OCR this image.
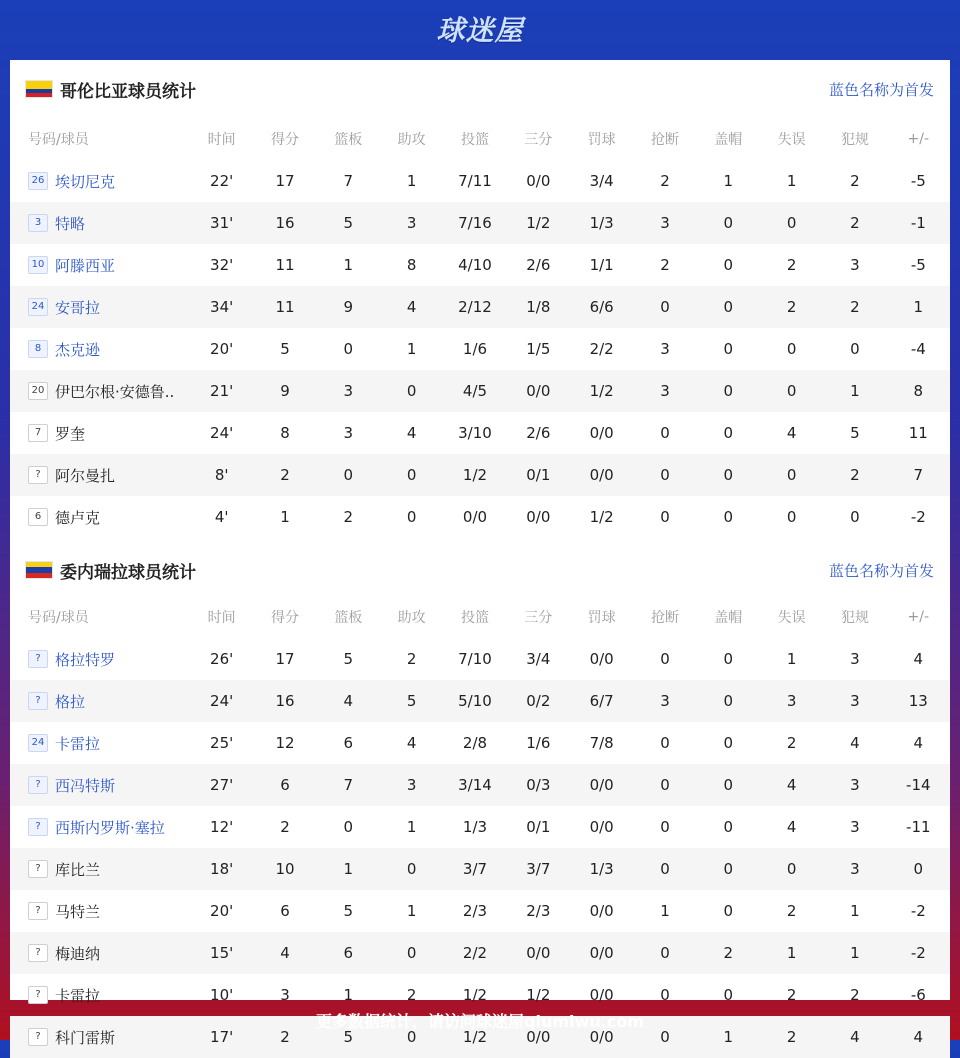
球迷屋
哥伦比亚球员统计	蓝色名称为首发
号码/球员	时间	得分	篮板	助攻	投篮	三分	罚球	抢断	盖帽	失误	犯规	+/-
26 埃切尼克	22'	17	7	1	7/11	0/0	3/4	2	1	1	2	-5
3 特略	31'	16	5	3	7/16	1/2	1/3	3	0	0	2	-1
10 阿滕西亚	32'	11	1	8	4/10	2/6	1/1	2	0	2	3	-5
24 安哥拉	34'	11	9	4	2/12	1/8	6/6	0	0	2	2	1
8 杰克逊	20'	5	0	1	1/6	1/5	2/2	3	0	0	0	-4
20 伊巴尔根·安德鲁..	21'	9	3	0	4/5	0/0	1/2	3	0	0	1	8
7 罗奎	24'	8	3	4	3/10	2/6	0/0	0	0	4	5	11
? 阿尔曼扎	8'	2	0	0	1/2	0/1	0/0	0	0	0	2	7
6 德卢克	4'	1	2	0	0/0	0/0	1/2	0	0	0	0	-2
委内瑞拉球员统计	蓝色名称为首发
号码/球员	时间	得分	篮板	助攻	投篮	三分	罚球	抢断	盖帽	失误	犯规	+/-
? 格拉特罗	26'	17	5	2	7/10	3/4	0/0	0	0	1	3	4
? 格拉	24'	16	4	5	5/10	0/2	6/7	3	0	3	3	13
24 卡雷拉	25'	12	6	4	2/8	1/6	7/8	0	0	2	4	4
? 西冯特斯	27'	6	7	3	3/14	0/3	0/0	0	0	4	3	-14
? 西斯内罗斯·塞拉	12'	2	0	1	1/3	0/1	0/0	0	0	4	3	-11
? 库比兰	18'	10	1	0	3/7	3/7	1/3	0	0	0	3	0
? 马特兰	20'	6	5	1	2/3	2/3	0/0	1	0	2	1	-2
? 梅迪纳	15'	4	6	0	2/2	0/0	0/0	0	2	1	1	-2
? 卡雷拉	10'	3	1	2	1/2	1/2	0/0	0	0	2	2	-6
? 科门雷斯	17'	2	5	0	1/2	0/0	0/0	0	1	2	4	4
更多数据统计，请访问球迷屋qiumiwu.com
